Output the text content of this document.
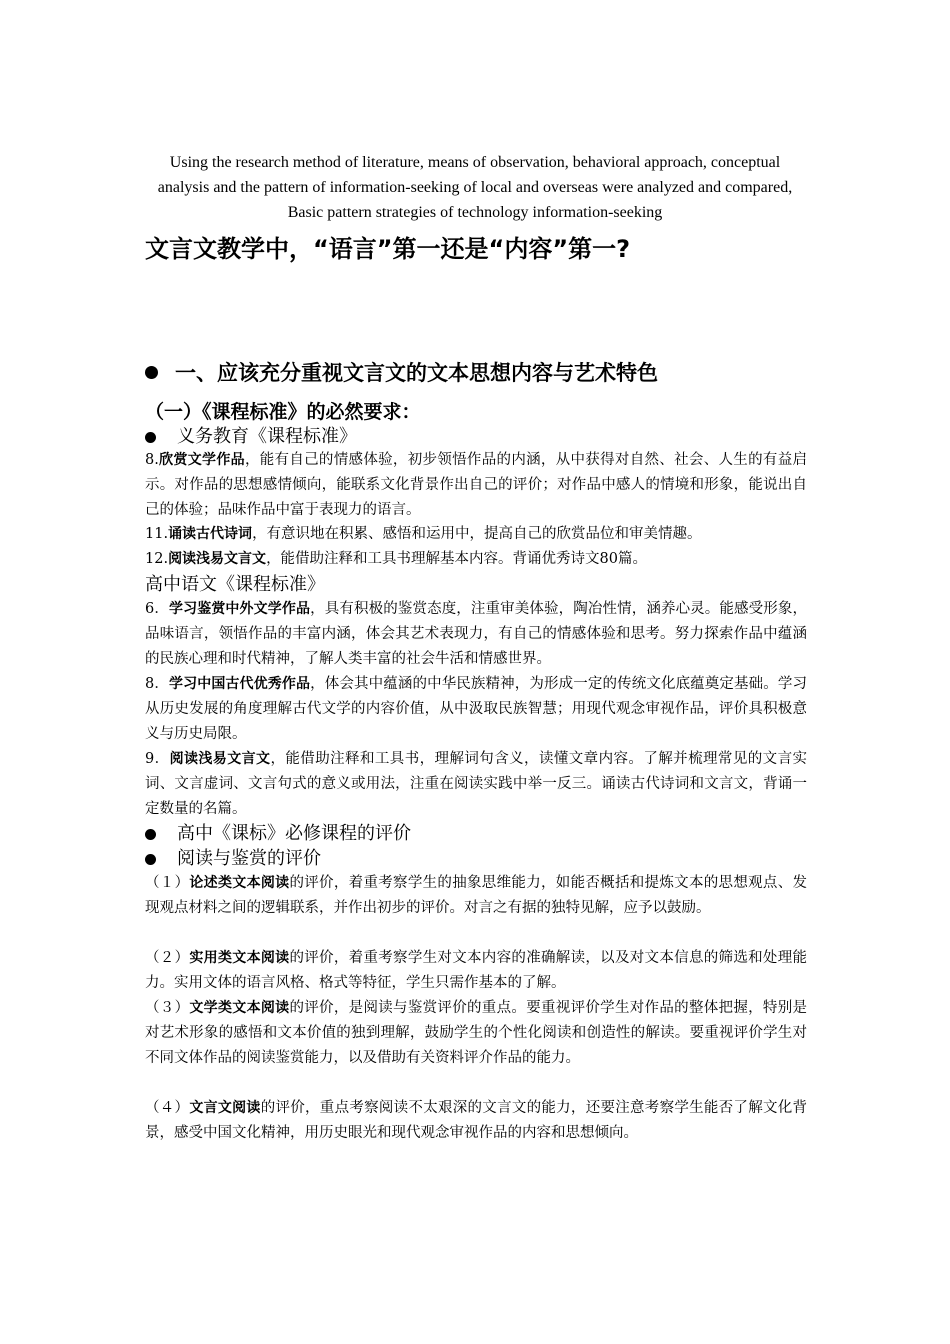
Using the research method of literature, means of observation, behavioral approach, conceptual analysis and the pattern of information-seeking of local and overseas were analyzed and compared, Basic pattern strategies of technology information-seeking
文言文教学中，“语言”第一还是“内容”第一?
一、应该充分重视文言文的文本思想内容与艺术特色
（一）《课程标准》的必然要求：
义务教育《课程标准》
8.欣赏文学作品，能有自己的情感体验，初步领悟作品的内涵，从中获得对自然、社会、人生的有益启示。对作品的思想感情倾向，能联系文化背景作出自己的评价；对作品中感人的情境和形象，能说出自己的体验；品味作品中富于表现力的语言。
11.诵读古代诗词，有意识地在积累、感悟和运用中，提高自己的欣赏品位和审美情趣。
12.阅读浅易文言文，能借助注释和工具书理解基本内容。背诵优秀诗文80篇。
高中语文《课程标准》
6．学习鉴赏中外文学作品，具有积极的鉴赏态度，注重审美体验，陶冶性情，涵养心灵。能感受形象，品味语言，领悟作品的丰富内涵，体会其艺术表现力，有自己的情感体验和思考。努力探索作品中蕴涵的民族心理和时代精神，了解人类丰富的社会牛活和情感世界。
8．学习中国古代优秀作品，体会其中蕴涵的中华民族精神，为形成一定的传统文化底蕴奠定基础。学习从历史发展的角度理解古代文学的内容价值，从中汲取民族智慧；用现代观念审视作品，评价具积极意义与历史局限。
9．阅读浅易文言文，能借助注释和工具书，理解词句含义，读懂文章内容。了解并梳理常见的文言实词、文言虚词、文言句式的意义或用法，注重在阅读实践中举一反三。诵读古代诗词和文言文，背诵一定数量的名篇。
高中《课标》必修课程的评价
阅读与鉴赏的评价
（１）论述类文本阅读的评价，着重考察学生的抽象思维能力，如能否概括和提炼文本的思想观点、发现观点材料之间的逻辑联系，并作出初步的评价。对言之有据的独特见解，应予以鼓励。
（２）实用类文本阅读的评价，着重考察学生对文本内容的准确解读，以及对文本信息的筛选和处理能力。实用文体的语言风格、格式等特征，学生只需作基本的了解。
（３）文学类文本阅读的评价，是阅读与鉴赏评价的重点。要重视评价学生对作品的整体把握，特别是对艺术形象的感悟和文本价值的独到理解，鼓励学生的个性化阅读和创造性的解读。要重视评价学生对不同文体作品的阅读鉴赏能力，以及借助有关资料评介作品的能力。
（４）文言文阅读的评价，重点考察阅读不太艰深的文言文的能力，还要注意考察学生能否了解文化背景，感受中国文化精神，用历史眼光和现代观念审视作品的内容和思想倾向。
